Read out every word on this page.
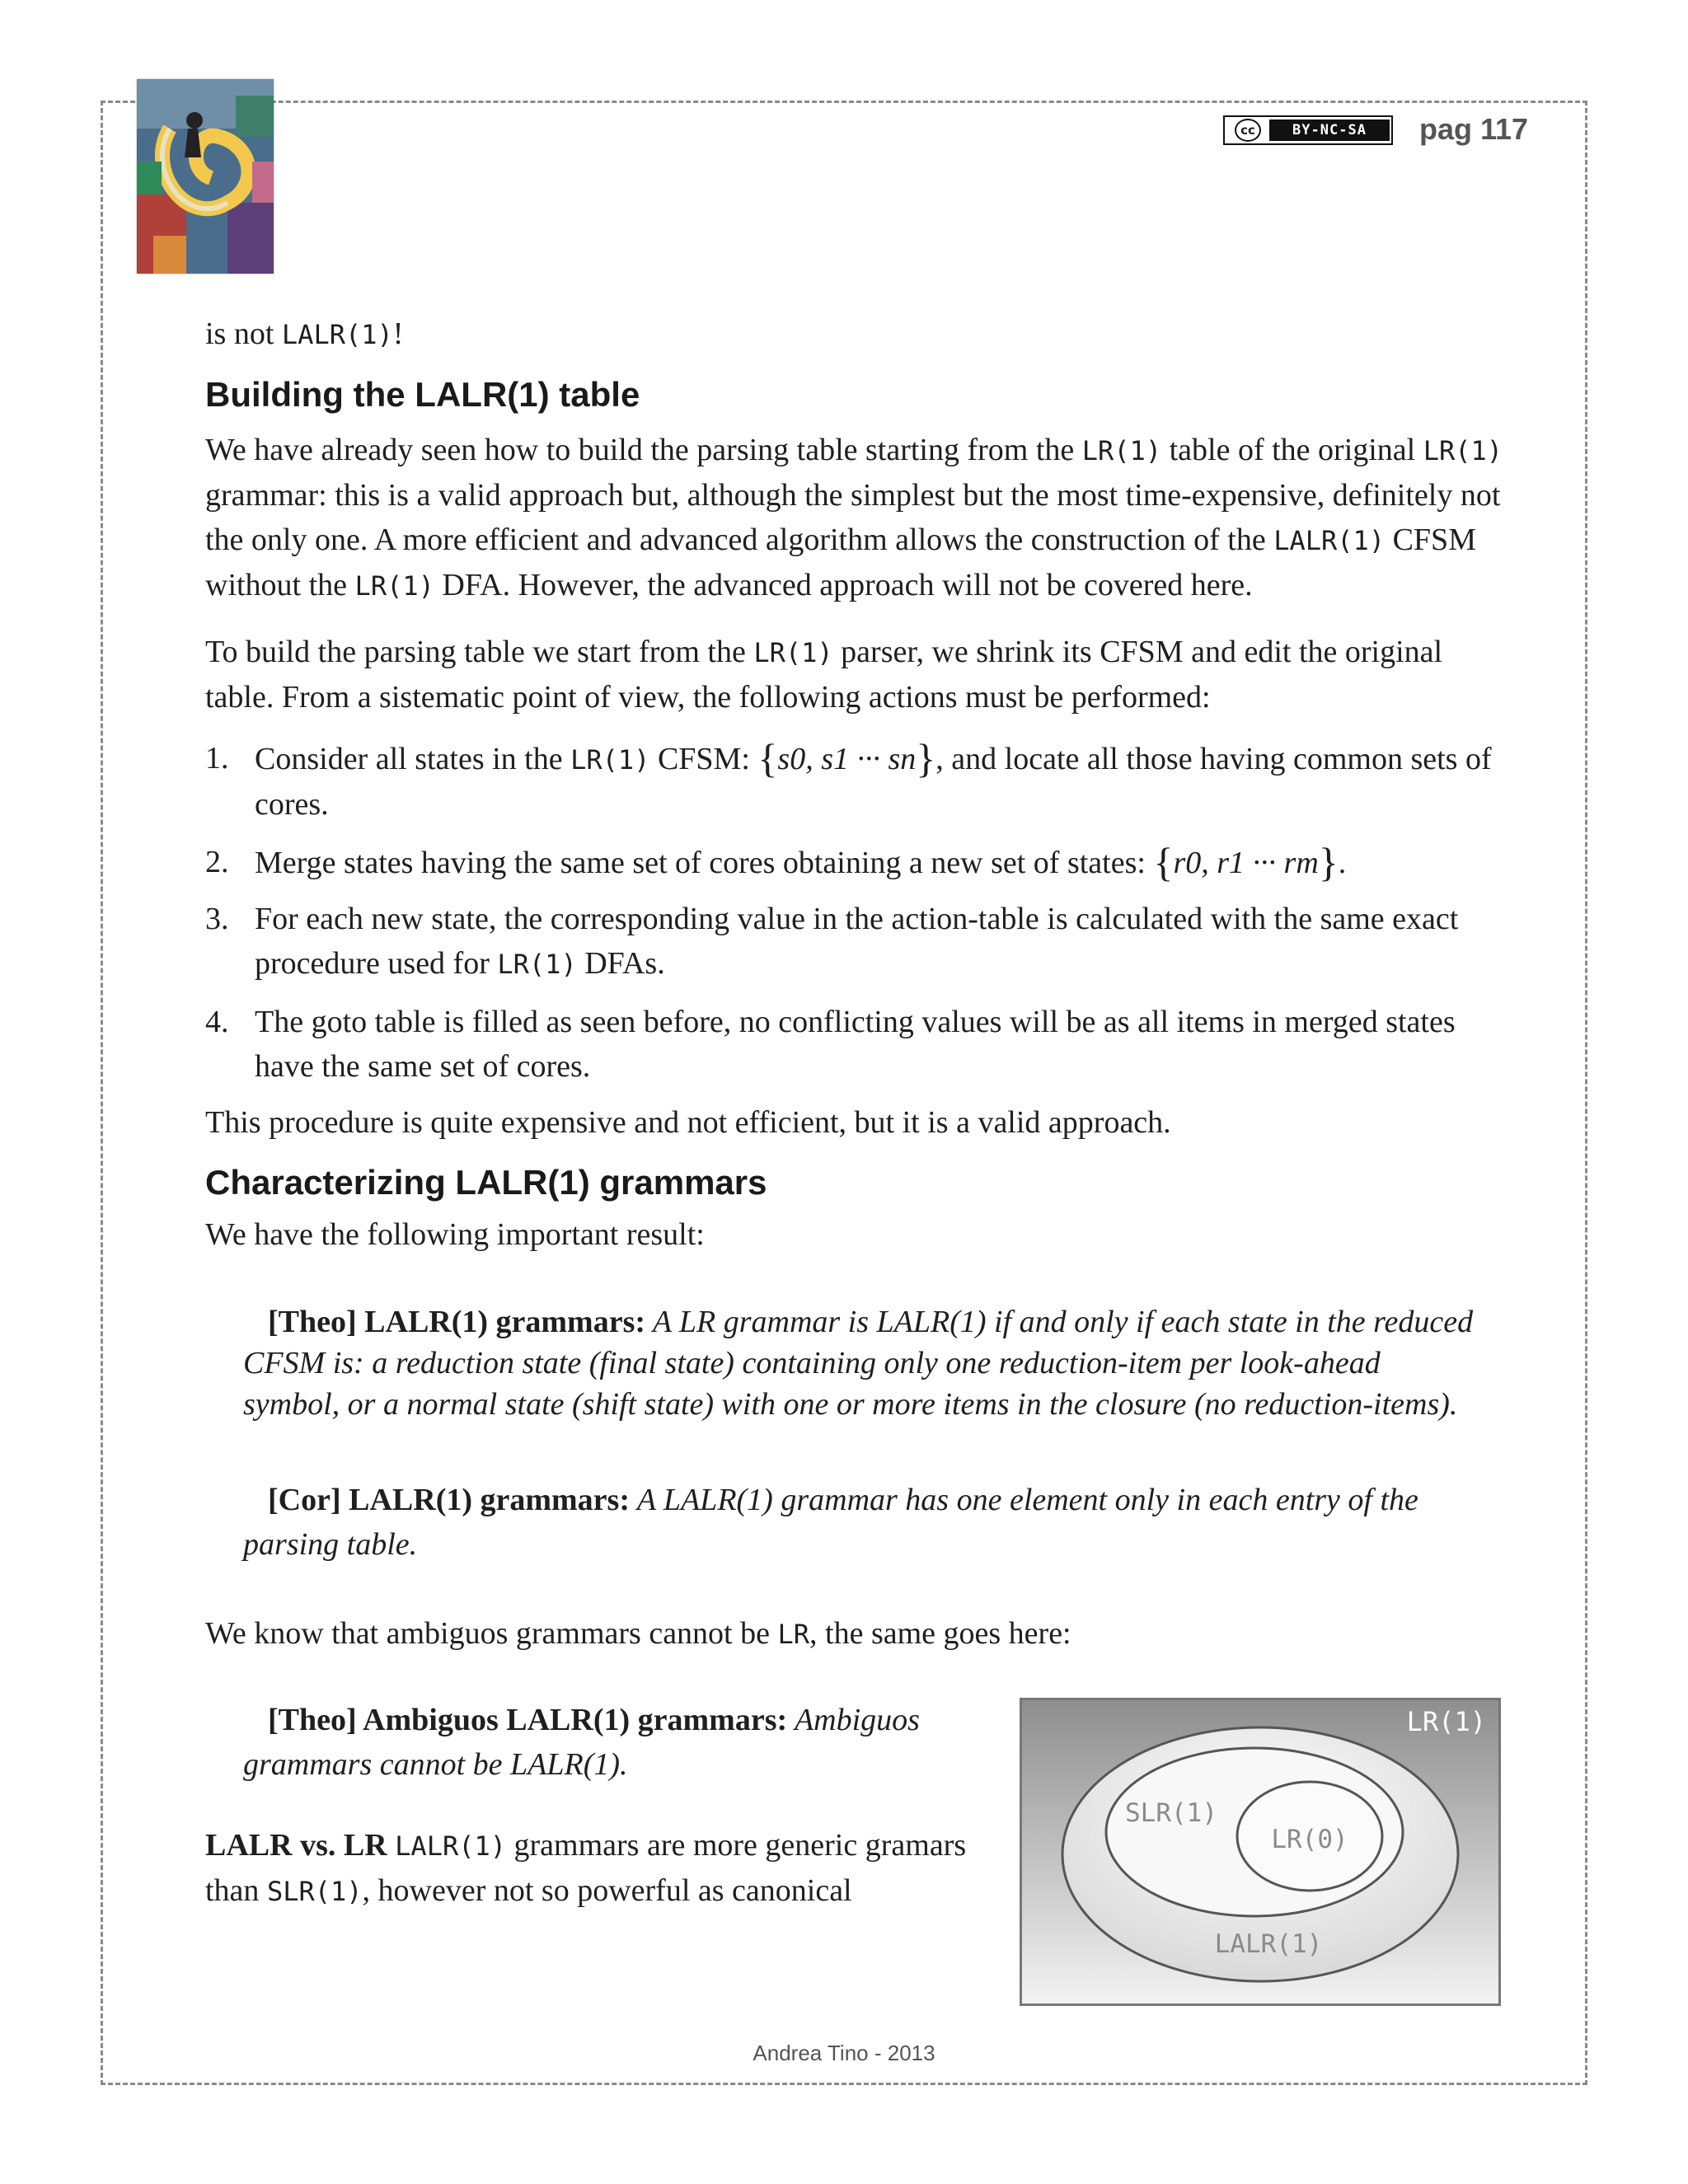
cc	BY-NC-SA	pag 117

is not LALR(1)!

Building the LALR(1) table

We have already seen how to build the parsing table starting from the LR(1) table of the original LR(1) grammar: this is a valid approach but, although the simplest but the most time-expensive, definitely not the only one. A more efficient and advanced algorithm allows the construction of the LALR(1) CFSM without the LR(1) DFA. However, the advanced approach will not be covered here.

To build the parsing table we start from the LR(1) parser, we shrink its CFSM and edit the original table. From a sistematic point of view, the following actions must be performed:

1. Consider all states in the LR(1) CFSM: {s0, s1 ··· sn}, and locate all those having common sets of cores.
2. Merge states having the same set of cores obtaining a new set of states: {r0, r1 ··· rm}.
3. For each new state, the corresponding value in the action-table is calculated with the same exact procedure used for LR(1) DFAs.
4. The goto table is filled as seen before, no conflicting values will be as all items in merged states have the same set of cores.

This procedure is quite expensive and not efficient, but it is a valid approach.

Characterizing LALR(1) grammars

We have the following important result:

[Theo] LALR(1) grammars: A LR grammar is LALR(1) if and only if each state in the reduced CFSM is: a reduction state (final state) containing only one reduction-item per look-ahead symbol, or a normal state (shift state) with one or more items in the closure (no reduction-items).
[Cor] LALR(1) grammars: A LALR(1) grammar has one element only in each entry of the parsing table.

We know that ambiguos grammars cannot be LR, the same goes here:

[Theo] Ambiguos LALR(1) grammars: Ambiguos grammars cannot be LALR(1).

LALR vs. LR LALR(1) grammars are more generic gramars than SLR(1), however not so powerful as canonical

LR(1)
SLR(1)
LR(0)
LALR(1)
Andrea Tino - 2013
